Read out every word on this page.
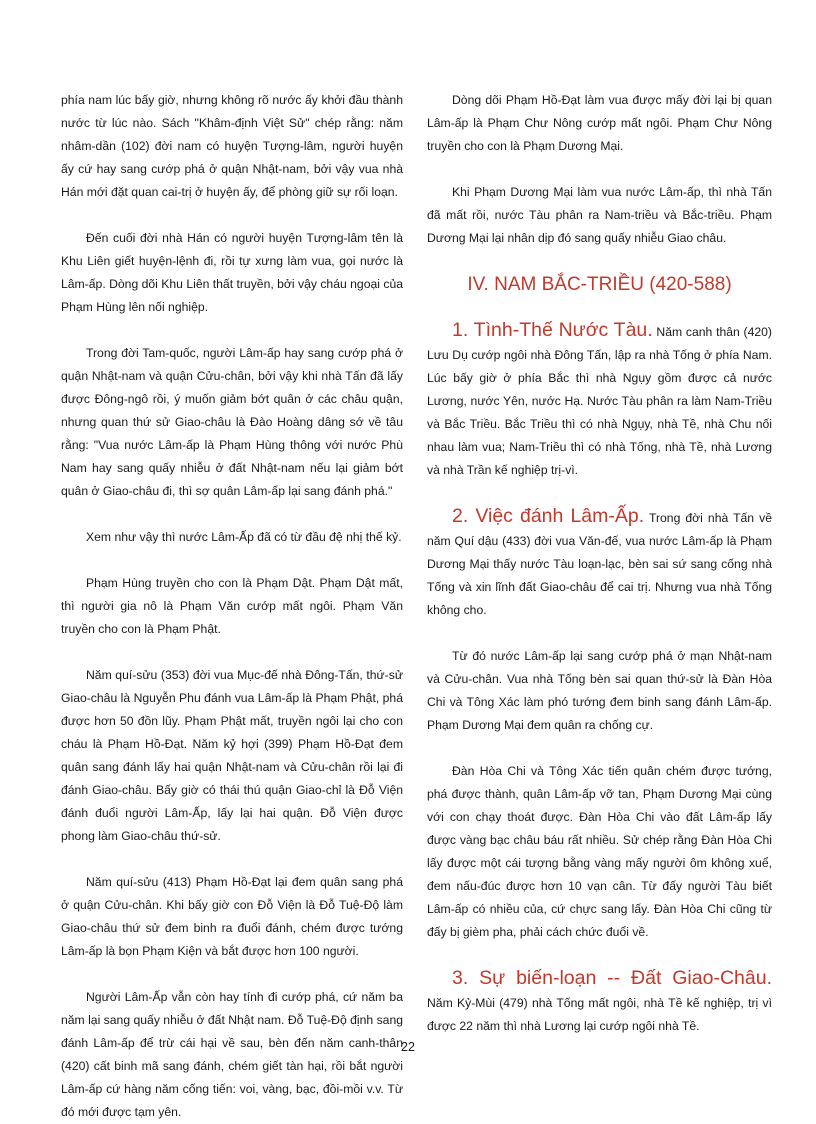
phía nam lúc bấy giờ, nhưng không rõ nước ấy khởi đầu thành nước từ lúc nào. Sách "Khâm-định Việt Sử" chép rằng: năm nhâm-dần (102) đời nam có huyện Tượng-lâm, người huyện ấy cứ hay sang cướp phá ở quận Nhật-nam, bởi vậy vua nhà Hán mới đặt quan cai-trị ở huyện ấy, để phòng giữ sự rối loạn.

Đến cuối đời nhà Hán có người huyện Tượng-lâm tên là Khu Liên giết huyện-lệnh đi, rồi tự xưng làm vua, gọi nước là Lâm-ấp. Dòng dõi Khu Liên thất truyền, bởi vậy cháu ngoại của Phạm Hùng lên nối nghiệp.

Trong đời Tam-quốc, người Lâm-ấp hay sang cướp phá ở quận Nhật-nam và quận Cửu-chân, bởi vậy khi nhà Tấn đã lấy được Đông-ngô rồi, ý muốn giảm bớt quân ở các châu quận, nhưng quan thứ sử Giao-châu là Đào Hoàng dâng sớ về tâu rằng: "Vua nước Lâm-ấp là Phạm Hùng thông với nước Phù Nam hay sang quấy nhiễu ở đất Nhật-nam nếu lại giảm bớt quân ở Giao-châu đi, thì sợ quân Lâm-ấp lại sang đánh phá."

Xem như vậy thì nước Lâm-Ấp đã có từ đầu đệ nhị thế kỷ.

Phạm Hùng truyền cho con là Phạm Dật. Phạm Dật mất, thì người gia nô là Phạm Văn cướp mất ngôi. Phạm Văn truyền cho con là Phạm Phật.

Năm quí-sửu (353) đời vua Mục-đế nhà Đông-Tấn, thứ-sử Giao-châu là Nguyễn Phu đánh vua Lâm-ấp là Phạm Phật, phá được hơn 50 đồn lũy. Phạm Phật mất, truyền ngôi lại cho con cháu là Phạm Hồ-Đạt. Năm kỷ hợi (399) Phạm Hồ-Đạt đem quân sang đánh lấy hai quận Nhật-nam và Cửu-chân rồi lại đi đánh Giao-châu. Bấy giờ có thái thú quận Giao-chỉ là Đỗ Viện đánh đuổi người Lâm-Ấp, lấy lại hai quận. Đỗ Viện được phong làm Giao-châu thứ-sử.

Năm quí-sửu (413) Phạm Hồ-Đạt lại đem quân sang phá ở quận Cửu-chân. Khi bấy giờ con Đỗ Viện là Đỗ Tuệ-Độ làm Giao-châu thứ sử đem binh ra đuổi đánh, chém được tướng Lâm-ấp là bọn Phạm Kiện và bắt được hơn 100 người.

Người Lâm-Ấp vẫn còn hay tính đi cướp phá, cứ năm ba năm lại sang quấy nhiễu ở đất Nhật nam. Đỗ Tuệ-Độ định sang đánh Lâm-ấp để trừ cái hại về sau, bèn đến năm canh-thân (420) cất binh mã sang đánh, chém giết tàn hại, rồi bắt người Lâm-ấp cứ hàng năm cống tiến: voi, vàng, bạc, đồi-mồi v.v. Từ đó mới được tạm yên.

Dòng dõi Phạm Hồ-Đạt làm vua được mấy đời lại bị quan Lâm-ấp là Phạm Chư Nông cướp mất ngôi. Phạm Chư Nông truyền cho con là Phạm Dương Mại.

Khi Phạm Dương Mại làm vua nước Lâm-ấp, thì nhà Tấn đã mất rồi, nước Tàu phân ra Nam-triều và Bắc-triều. Phạm Dương Mại lại nhân dịp đó sang quấy nhiễu Giao châu.

IV. NAM BẮC-TRIỀU (420-588)

1. Tình-Thế Nước Tàu. Năm canh thân (420) Lưu Dụ cướp ngôi nhà Đông Tấn, lập ra nhà Tống ở phía Nam. Lúc bấy giờ ở phía Bắc thì nhà Ngụy gồm được cả nước Lương, nước Yên, nước Hạ. Nước Tàu phân ra làm Nam-Triều và Bắc Triều. Bắc Triều thì có nhà Ngụy, nhà Tề, nhà Chu nối nhau làm vua; Nam-Triều thì có nhà Tống, nhà Tề, nhà Lương và nhà Trần kế nghiệp trị-vì.

2. Việc đánh Lâm-Ấp. Trong đời nhà Tấn về năm Quí dậu (433) đời vua Văn-đế, vua nước Lâm-ấp là Phạm Dương Mại thấy nước Tàu loạn-lạc, bèn sai sứ sang cống nhà Tống và xin lĩnh đất Giao-châu để cai trị. Nhưng vua nhà Tống không cho.

Từ đó nước Lâm-ấp lại sang cướp phá ở mạn Nhật-nam và Cửu-chân. Vua nhà Tống bèn sai quan thứ-sử là Đàn Hòa Chi và Tông Xác làm phó tướng đem binh sang đánh Lâm-ấp. Phạm Dương Mại đem quân ra chống cự.

Đàn Hòa Chi và Tông Xác tiến quân chém được tướng, phá được thành, quân Lâm-ấp vỡ tan, Phạm Dương Mại cùng với con chạy thoát được. Đàn Hòa Chi vào đất Lâm-ấp lấy được vàng bạc châu báu rất nhiều. Sử chép rằng Đàn Hòa Chi lấy được một cái tượng bằng vàng mấy người ôm không xuể, đem nấu-đúc được hơn 10 vạn cân. Từ đấy người Tàu biết Lâm-ấp có nhiều của, cứ chực sang lấy. Đàn Hòa Chi cũng từ đấy bị gièm pha, phải cách chức đuổi về.

3. Sự biến-loạn -- Đất Giao-Châu. Năm Kỷ-Mùi (479) nhà Tống mất ngôi, nhà Tề kế nghiệp, trị vì được 22 năm thì nhà Lương lại cướp ngôi nhà Tề.

22
